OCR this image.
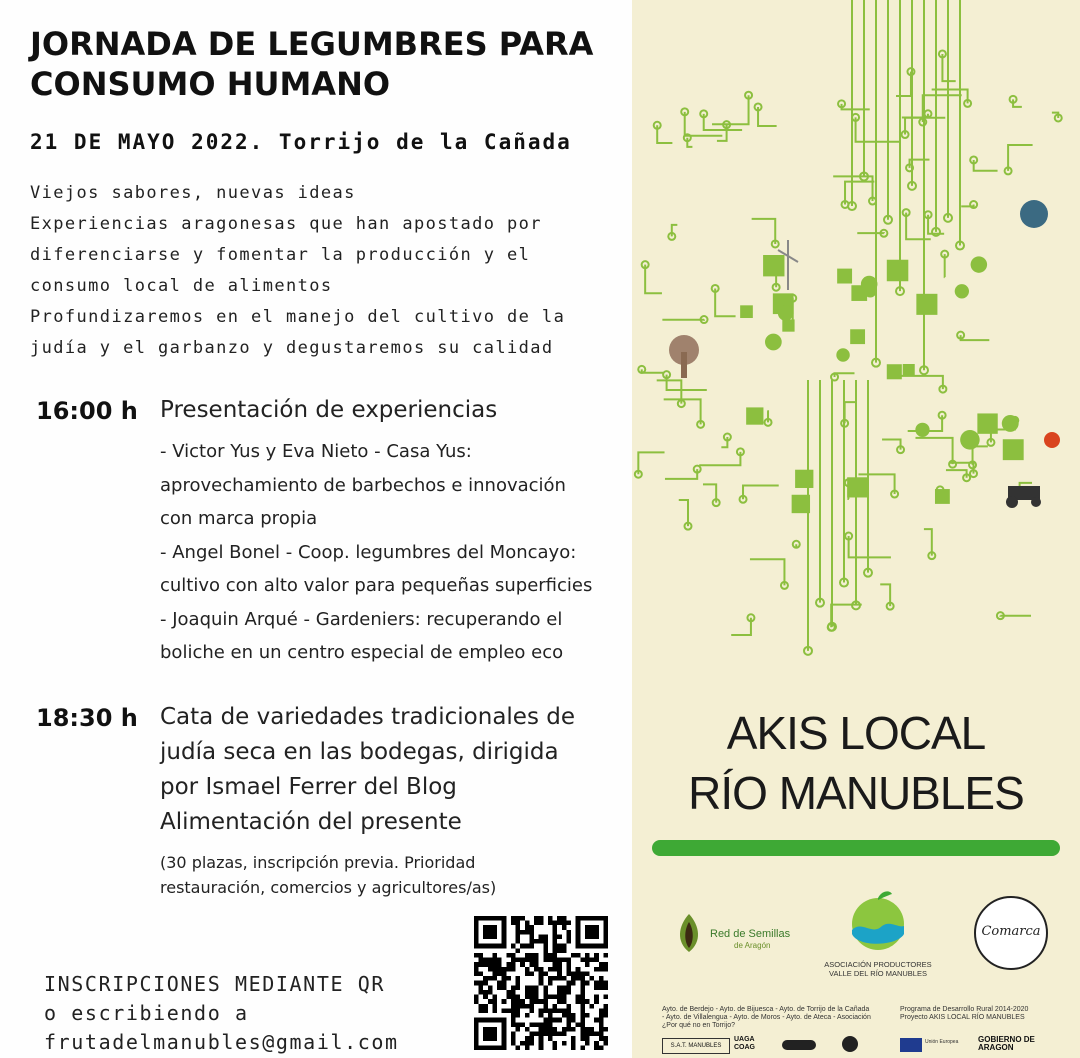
JORNADA DE LEGUMBRES PARA
CONSUMO HUMANO
21 DE MAYO 2022. Torrijo de la Cañada
Viejos sabores, nuevas ideas
Experiencias aragonesas que han apostado por
diferenciarse y fomentar la producción y el
consumo local de alimentos
Profundizaremos en el manejo del cultivo de la
judía y el garbanzo y degustaremos su calidad
16:00 h Presentación de experiencias
- Victor Yus y Eva Nieto - Casa Yus:
aprovechamiento de barbechos e innovación
con marca propia
- Angel Bonel - Coop. legumbres del Moncayo:
cultivo con alto valor para pequeñas superficies
- Joaquin Arqué - Gardeniers: recuperando el
boliche en un centro especial de empleo eco
18:30 h Cata de variedades tradicionales de
judía seca en las bodegas, dirigida
por Ismael Ferrer del Blog
Alimentación del presente
(30 plazas, inscripción previa. Prioridad
restauración, comercios y agricultores/as)
INSCRIPCIONES MEDIANTE QR
o escribiendo a
frutadelmanubles@gmail.com
AKIS LOCAL
RÍO MANUBLES
Red de Semillas
de Aragón
ASOCIACIÓN PRODUCTORES
VALLE DEL RÍO MANUBLES
Comarca
Ayto. de Berdejo - Ayto. de Bijuesca - Ayto. de Torrijo de la Cañada
- Ayto. de Villalengua - Ayto. de Moros - Ayto. de Ateca - Asociación
¿Por qué no en Torrijo?
Programa de Desarrollo Rural 2014-2020
Proyecto AKIS LOCAL RÍO MANUBLES
S.A.T. MANUBLES
UAGA COAG
Unión Europea	GOBIERNO DE ARAGON
